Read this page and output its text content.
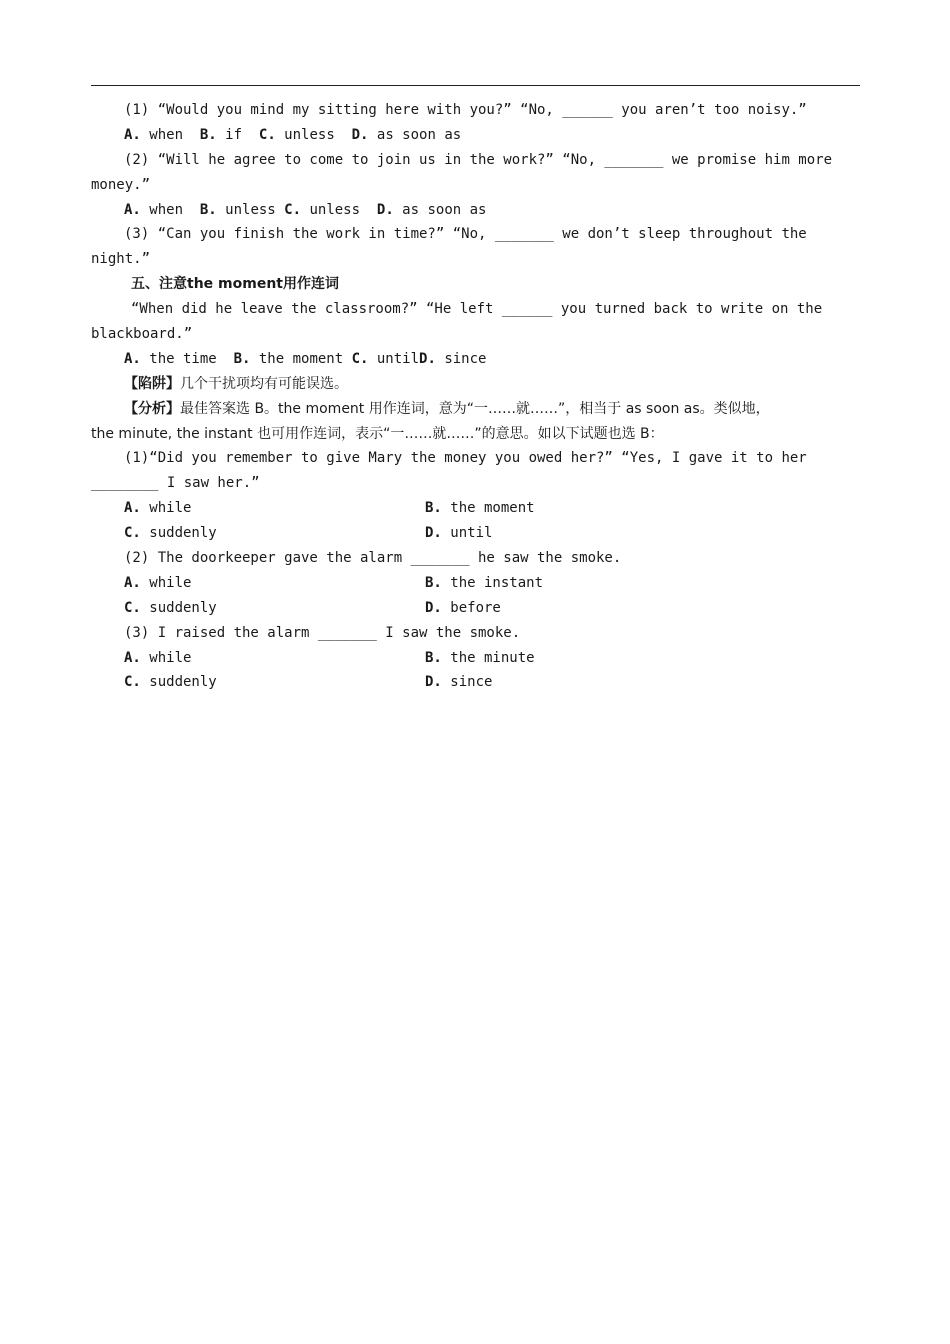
(1) “Would you mind my sitting here with you?” “No, ______ you aren’t too noisy.”
A. when  B. if  C. unless  D. as soon as
(2) “Will he agree to come to join us in the work?” “No, _______ we promise him more
money.”
A. when  B. unless C. unless  D. as soon as
(3) “Can you finish the work in time?” “No, _______ we don’t sleep throughout the
night.”
五、注意the moment用作连词
“When did he leave the classroom?” “He left ______ you turned back to write on the
blackboard.”
A. the time  B. the moment C. untilD. since
【陷阱】几个干扰项均有可能误选。
【分析】最佳答案选 B。the moment 用作连词，意为“一……就……”，相当于 as soon as。类似地，
the minute, the instant 也可用作连词，表示“一……就……”的意思。如以下试题也选 B：
(1)“Did you remember to give Mary the money you owed her?” “Yes, I gave it to her
________ I saw her.”
A. while	B. the moment
C. suddenly	D. until
(2) The doorkeeper gave the alarm _______ he saw the smoke.
A. while	B. the instant
C. suddenly	D. before
(3) I raised the alarm _______ I saw the smoke.
A. while	B. the minute
C. suddenly	D. since
